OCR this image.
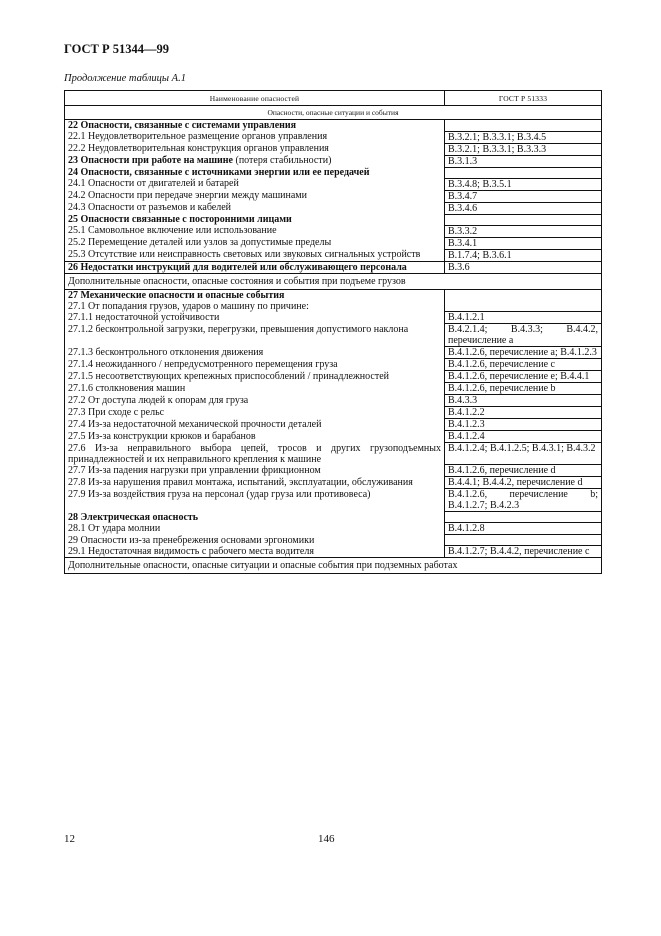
ГОСТ Р 51344—99
Продолжение таблицы А.1
Наименование опасностей	ГОСТ Р 51333
Опасности, опасные ситуации и события	
22 Опасности, связанные с системами управления	
22.1 Неудовлетворительное размещение органов управления	В.3.2.1; В.3.3.1; В.3.4.5
22.2 Неудовлетворительная конструкция органов управления	В.3.2.1; В.3.3.1; В.3.3.3
23 Опасности при работе на машине (потеря стабильности)	В.3.1.3
24 Опасности, связанные с источниками энергии или ее передачей	
24.1 Опасности от двигателей и батарей	В.3.4.8; В.3.5.1
24.2 Опасности при передаче энергии между машинами	В.3.4.7
24.3 Опасности от разъемов и кабелей	В.3.4.6
25 Опасности связанные с посторонними лицами	
25.1 Самовольное включение или использование	В.3.3.2
25.2 Перемещение деталей или узлов за допустимые пределы	В.3.4.1
25.3 Отсутствие или неисправность световых или звуковых сигнальных устройств	В.1.7.4; В.3.6.1
26 Недостатки инструкций для водителей или обслуживающего персонала	В.3.6
Дополнительные опасности, опасные состояния и события при подъеме грузов	
27 Механические опасности и опасные события	
27.1 От попадания грузов, ударов о машину по причине:	
27.1.1 недостаточной устойчивости	В.4.1.2.1
27.1.2 бесконтрольной загрузки, перегрузки, превышения допустимого наклона	В.4.2.1.4; В.4.3.3; В.4.4.2, перечисление а
27.1.3 бесконтрольного отклонения движения	В.4.1.2.6, перечисление а; В.4.1.2.3
27.1.4 неожиданного / непредусмотренного перемещения груза	В.4.1.2.6, перечисление с
27.1.5 несоответствующих крепежных приспособлений / принадлежностей	В.4.1.2.6, перечисление е; В.4.4.1
27.1.6 столкновения машин	В.4.1.2.6, перечисление b
27.2 От доступа людей к опорам для груза	В.4.3.3
27.3 При сходе с рельс	В.4.1.2.2
27.4 Из-за недостаточной механической прочности деталей	В.4.1.2.3
27.5 Из-за конструкции крюков и барабанов	В.4.1.2.4
27.6 Из-за неправильного выбора цепей, тросов и других грузоподъемных принадлежностей и их неправильного крепления к машине	В.4.1.2.4; В.4.1.2.5; В.4.3.1; В.4.3.2
27.7 Из-за падения нагрузки при управлении фрикционном	В.4.1.2.6, перечисление d
27.8 Из-за нарушения правил монтажа, испытаний, эксплуатации, обслуживания	В.4.4.1; В.4.4.2, перечисление d
27.9 Из-за воздействия груза на персонал (удар груза или противовеса)	В.4.1.2.6, перечисление b; В.4.1.2.7; В.4.2.3
28 Электрическая опасность	
28.1 От удара молнии	В.4.1.2.8
29 Опасности из-за пренебрежения основами эргономики	
29.1 Недостаточная видимость с рабочего места водителя	В.4.1.2.7; В.4.4.2, перечисление с
Дополнительные опасности, опасные ситуации и опасные события при подземных работах	
12	146
